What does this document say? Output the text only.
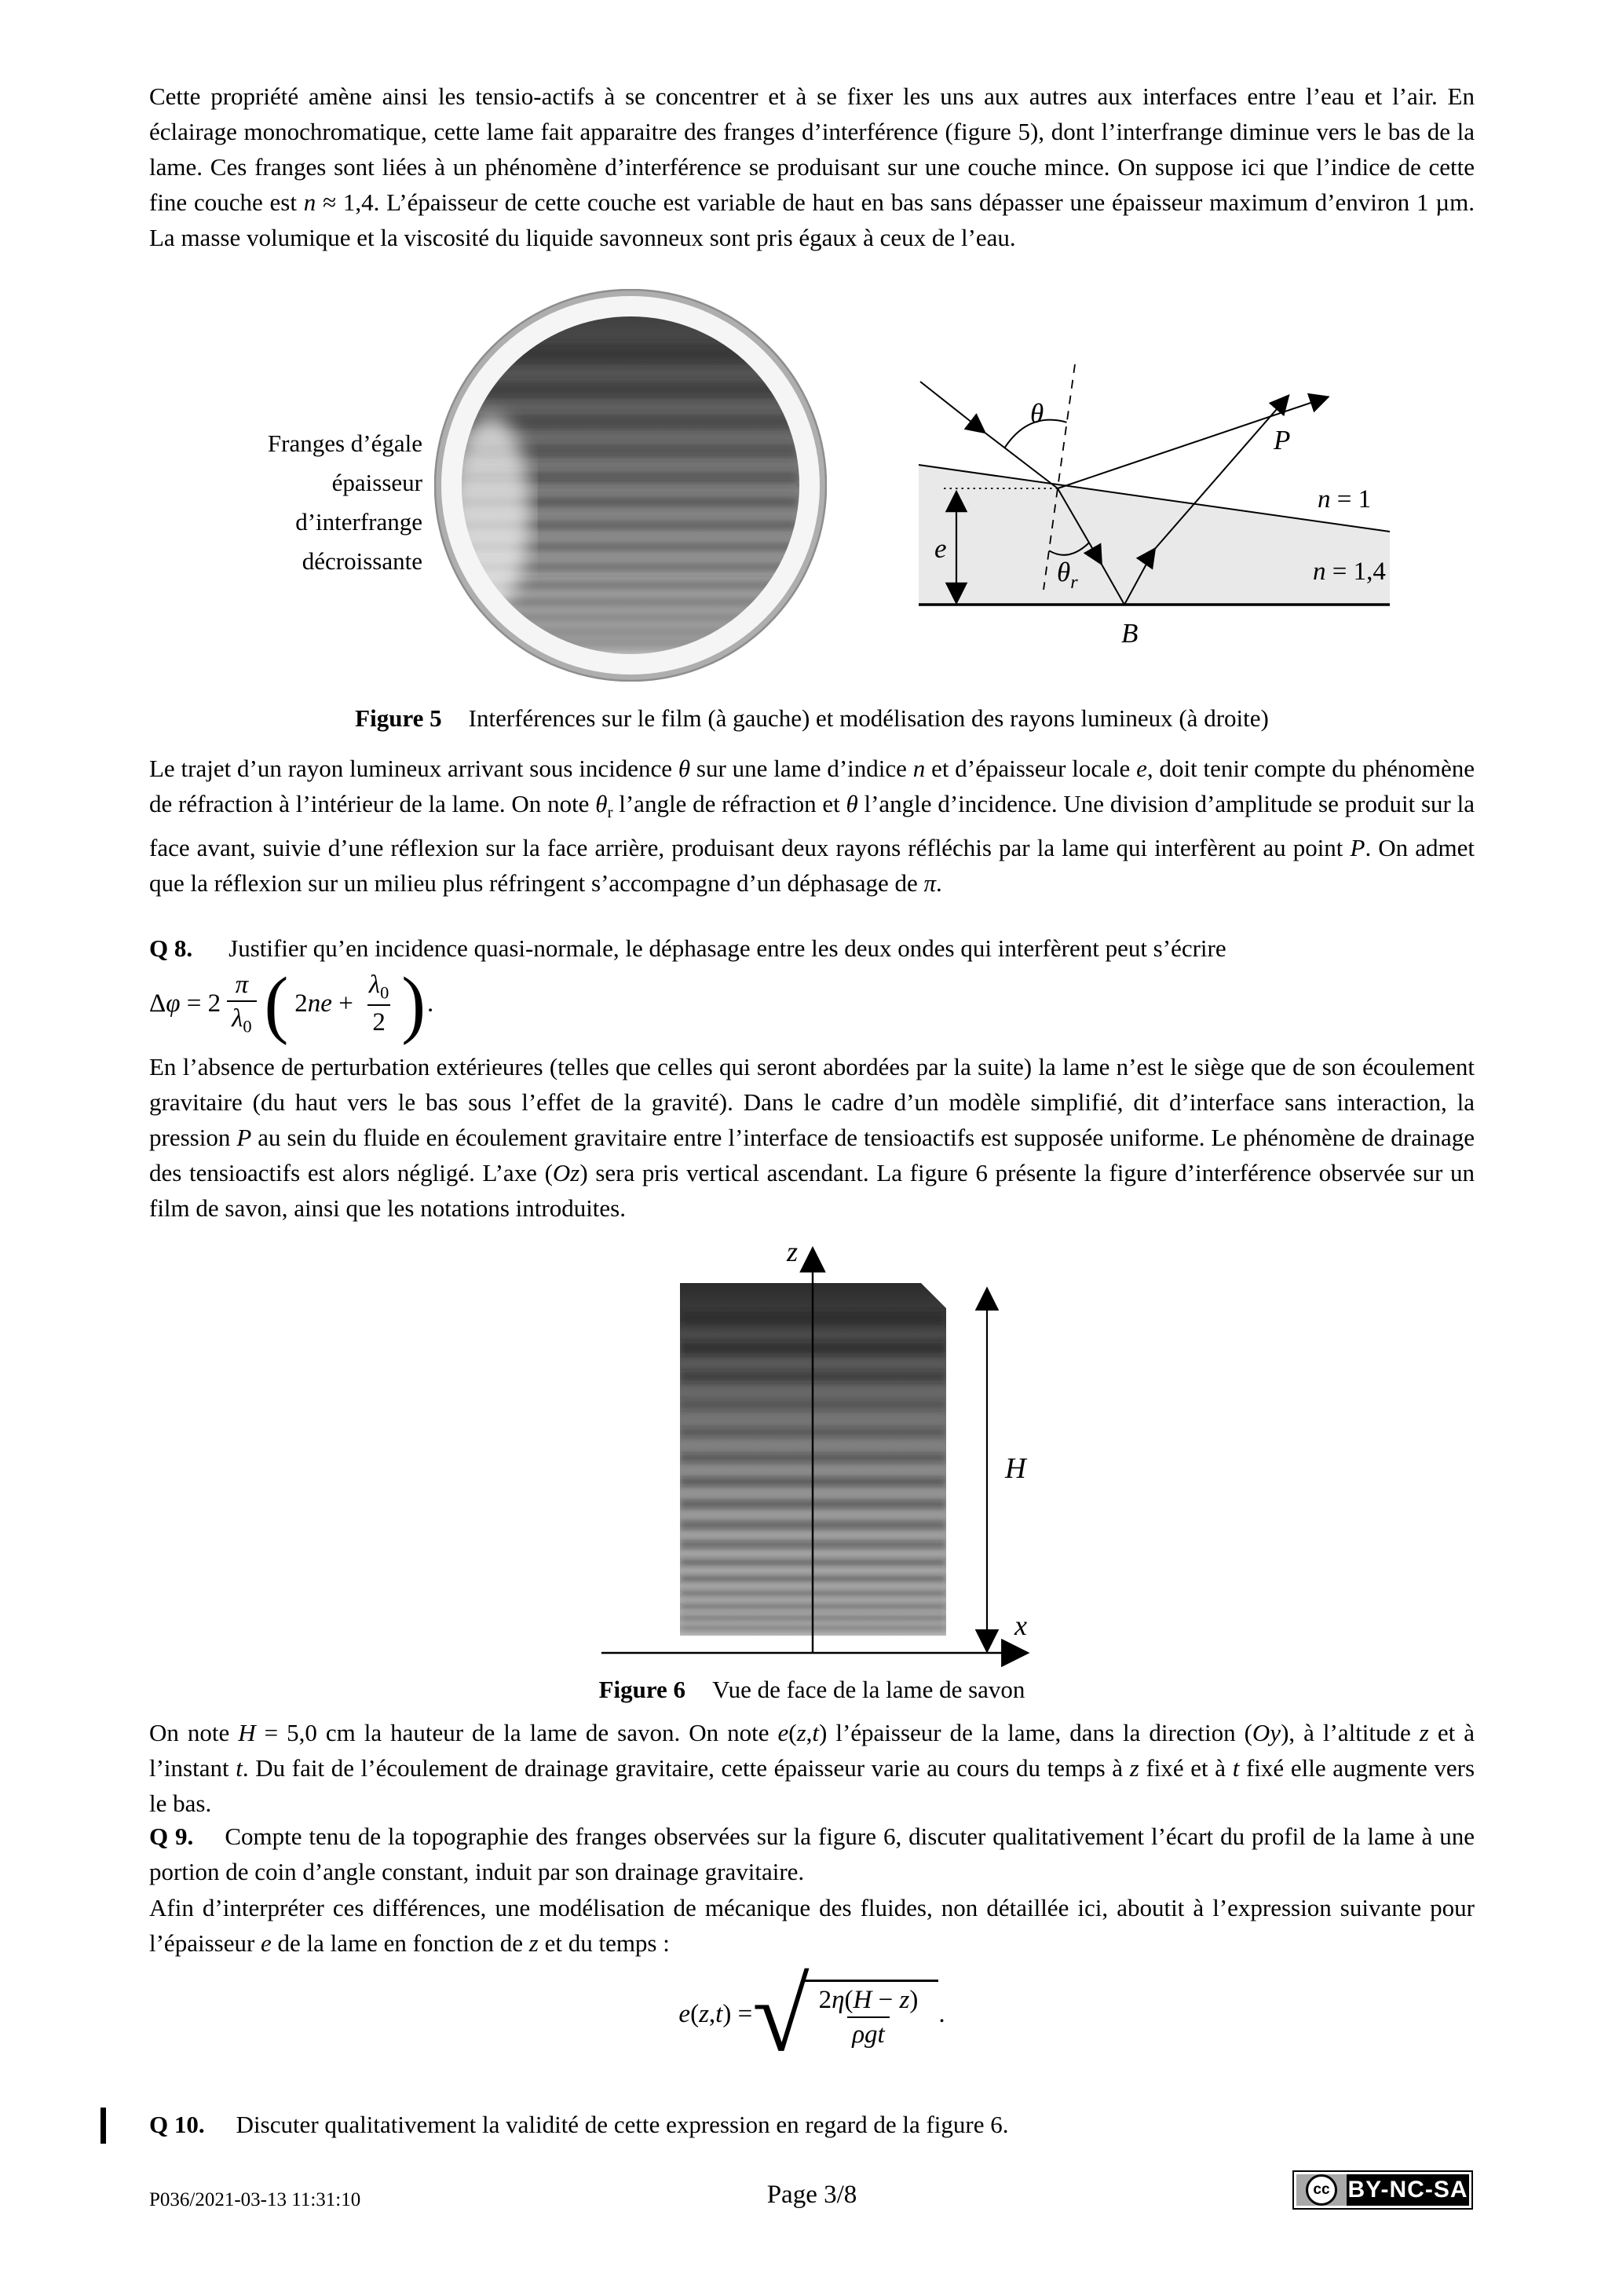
Cette propriété amène ainsi les tensio-actifs à se concentrer et à se fixer les uns aux autres aux interfaces entre l’eau et l’air. En éclairage monochromatique, cette lame fait apparaitre des franges d’interférence (figure 5), dont l’interfrange diminue vers le bas de la lame. Ces franges sont liées à un phénomène d’interférence se produisant sur une couche mince. On suppose ici que l’indice de cette fine couche est n ≈ 1,4. L’épaisseur de cette couche est variable de haut en bas sans dépasser une épaisseur maximum d’environ 1 µm. La masse volumique et la viscosité du liquide savonneux sont pris égaux à ceux de l’eau.

Franges d’égale
épaisseur
d’interfrange
décroissante
θ
P
e
B
$\theta_r$
n = 1
n = 1,4
Figure 5 Interférences sur le film (à gauche) et modélisation des rayons lumineux (à droite)

Le trajet d’un rayon lumineux arrivant sous incidence θ sur une lame d’indice n et d’épaisseur locale e, doit tenir compte du phénomène de réfraction à l’intérieur de la lame. On note $\theta_r$ l’angle de réfraction et θ l’angle d’incidence. Une division d’amplitude se produit sur la face avant, suivie d’une réflexion sur la face arrière, produisant deux rayons réfléchis par la lame qui interfèrent au point P. On admet que la réflexion sur un milieu plus réfringent s’accompagne d’un déphasage de π.

Q 8. Justifier qu’en incidence quasi-normale, le déphasage entre les deux ondes qui interfèrent peut s’écrire

$\Delta\varphi = 2 \frac{\pi}{\lambda_0}$ ( $2ne + \frac{\lambda_0}{2}$ ) .

En l’absence de perturbation extérieures (telles que celles qui seront abordées par la suite) la lame n’est le siège que de son écoulement gravitaire (du haut vers le bas sous l’effet de la gravité). Dans le cadre d’un modèle simplifié, dit d’interface sans interaction, la pression P au sein du fluide en écoulement gravitaire entre l’interface de tensioactifs est supposée uniforme. Le phénomène de drainage des tensioactifs est alors négligé. L’axe (Oz) sera pris vertical ascendant. La figure 6 présente la figure d’interférence observée sur un film de savon, ainsi que les notations introduites.

z
x
H
Figure 6 Vue de face de la lame de savon

On note H = 5,0 cm la hauteur de la lame de savon. On note e(z,t) l’épaisseur de la lame, dans la direction (Oy), à l’altitude z et à l’instant t. Du fait de l’écoulement de drainage gravitaire, cette épaisseur varie au cours du temps à z fixé et à t fixé elle augmente vers le bas.

Q 9. Compte tenu de la topographie des franges observées sur la figure 6, discuter qualitativement l’écart du profil de la lame à une portion de coin d’angle constant, induit par son drainage gravitaire.

Afin d’interpréter ces différences, une modélisation de mécanique des fluides, non détaillée ici, aboutit à l’expression suivante pour l’épaisseur e de la lame en fonction de z et du temps :

e(z,t) = √ $\frac{2\eta(H - z)}{\text{ρgt}}$ .

Q 10. Discuter qualitativement la validité de cette expression en regard de la figure 6.

P036/2021-03-13 11:31:10	Page 3/8	cc BY-NC-SA
